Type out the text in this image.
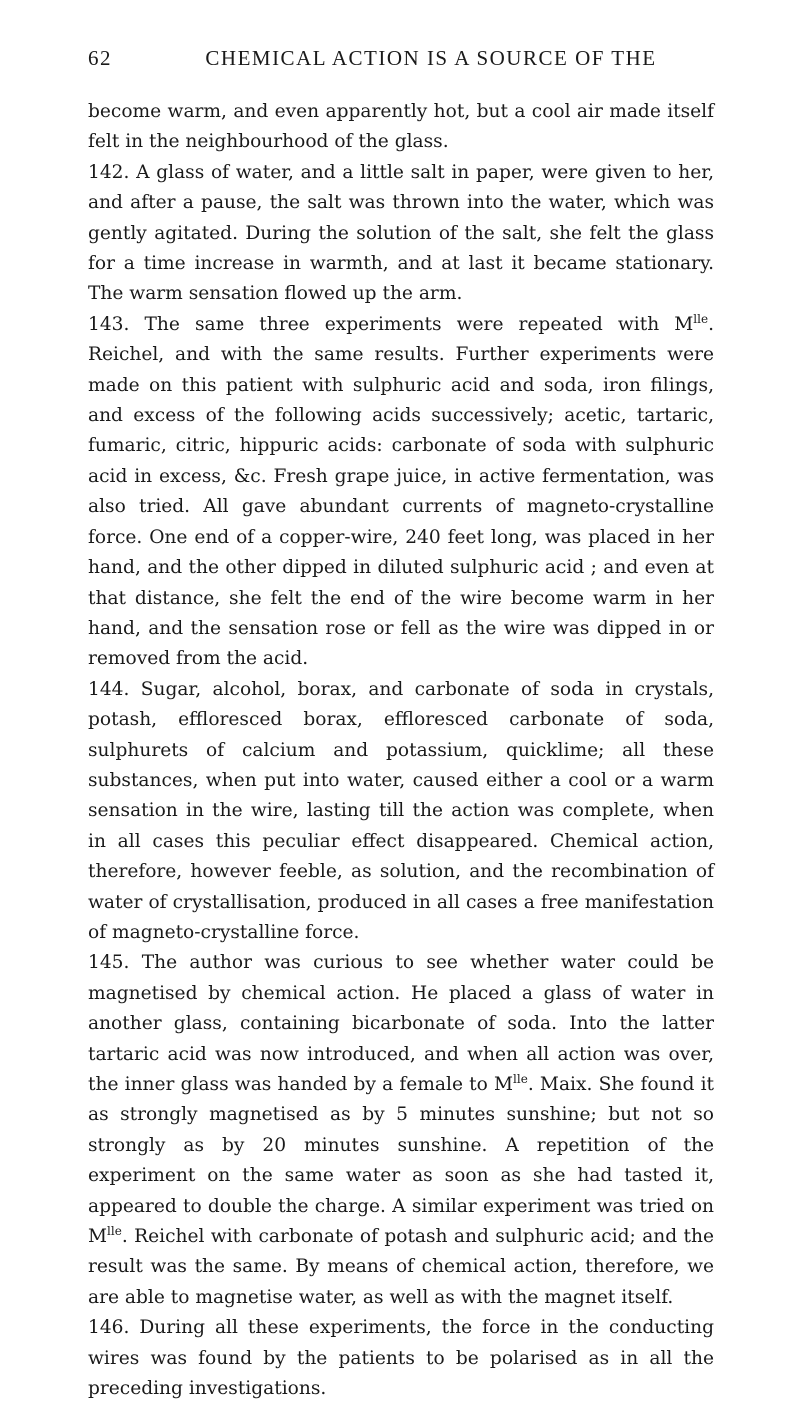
62	CHEMICAL ACTION IS A SOURCE OF THE

become warm, and even apparently hot, but a cool air made itself felt in the neighbourhood of the glass.

142. A glass of water, and a little salt in paper, were given to her, and after a pause, the salt was thrown into the water, which was gently agitated. During the solution of the salt, she felt the glass for a time increase in warmth, and at last it became stationary. The warm sensation flowed up the arm.

143. The same three experiments were repeated with $M^{lle}$. Reichel, and with the same results. Further experiments were made on this patient with sulphuric acid and soda, iron filings, and excess of the following acids successively; acetic, tartaric, fumaric, citric, hippuric acids: carbonate of soda with sulphuric acid in excess, &c. Fresh grape juice, in active fermentation, was also tried. All gave abundant currents of magneto-crystalline force. One end of a copper-wire, 240 feet long, was placed in her hand, and the other dipped in diluted sulphuric acid ; and even at that distance, she felt the end of the wire become warm in her hand, and the sensation rose or fell as the wire was dipped in or removed from the acid.

144. Sugar, alcohol, borax, and carbonate of soda in crystals, potash, effloresced borax, effloresced carbonate of soda, sulphurets of calcium and potassium, quicklime; all these substances, when put into water, caused either a cool or a warm sensation in the wire, lasting till the action was complete, when in all cases this peculiar effect disappeared. Chemical action, therefore, however feeble, as solution, and the recombination of water of crystallisation, produced in all cases a free manifestation of magneto-crystalline force.

145. The author was curious to see whether water could be magnetised by chemical action. He placed a glass of water in another glass, containing bicarbonate of soda. Into the latter tartaric acid was now introduced, and when all action was over, the inner glass was handed by a female to $M^{lle}$. Maix. She found it as strongly magnetised as by 5 minutes sunshine; but not so strongly as by 20 minutes sunshine. A repetition of the experiment on the same water as soon as she had tasted it, appeared to double the charge. A similar experiment was tried on $M^{lle}$. Reichel with carbonate of potash and sulphuric acid; and the result was the same. By means of chemical action, therefore, we are able to magnetise water, as well as with the magnet itself.

146. During all these experiments, the force in the conducting wires was found by the patients to be polarised as in all the preceding investigations.
